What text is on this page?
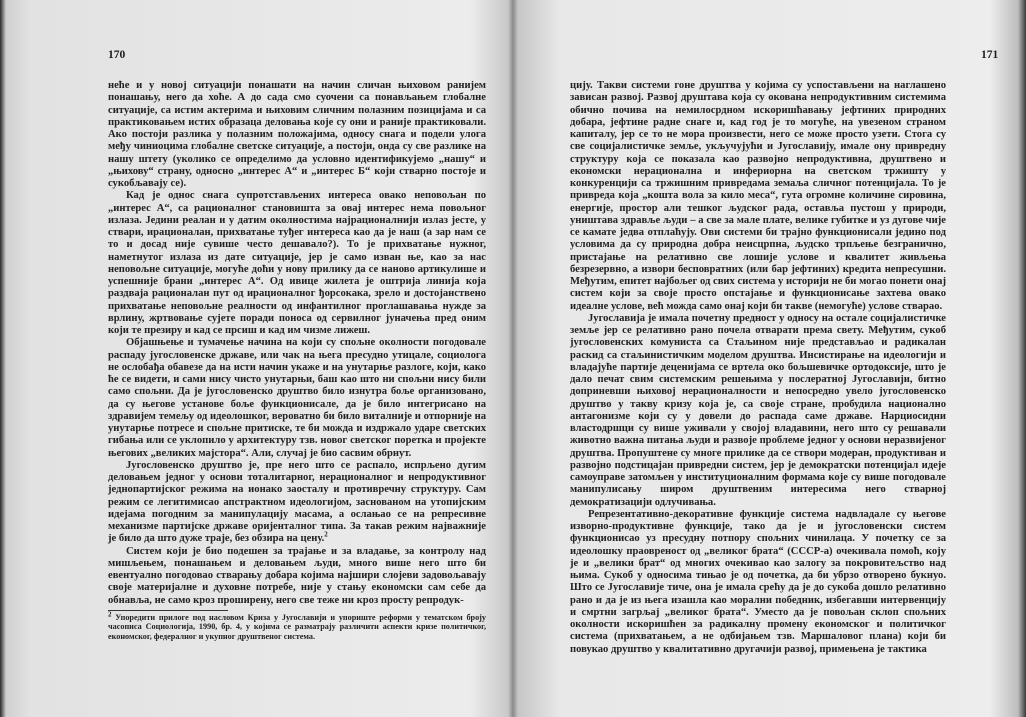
170

неће и у новој ситуацији понашати на начин сличан њиховом ранијем понашању, него да хоће. А до сада смо суочени са понављањем глобалне ситуације, са истим актерима и њиховим сличним полазним позицијама и са практиковањем истих образаца деловања које су они и раније практиковали. Ако постоји разлика у полазним положајима, односу снага и подели улога међу чиниоцима глобалне светске ситуације, а постоји, онда су све разлике на нашу штету (уколико се определимо да условно идентификујемо „нашу“ и „њихову“ страну, односно „интерес А“ и „интерес Б“ који стварно постоје и сукобљавају се).

Кад је однос снага супротстављених интереса овако неповољан по „интерес А“, са рационалног становишта за овај интерес нема повољног излаза. Једини реалан и у датим околностима најрационалнији излаз јесте, у ствари, ирационалан, прихватање туђег интереса као да је наш (а зар нам се то и досад није сувише често дешавало?). То је прихватање нужног, наметнутог излаза из дате ситуације, јер је само изван ње, као за нас неповољне ситуације, могуће доћи у нову прилику да се наново артикулише и успешније брани „интерес А“. Од ивице жилета је оштрија линија која раздваја рационалан пут од ирационалног ђорсокака, зрело и достојанствено прихватање неповољне реалности од инфантилног проглашавања нужде за врлину, жртвовање сујете поради поноса од сервилног јуначења пред оним који те презиру и кад се прсиш и кад им чизме лижеш.

Објашњење и тумачење начина на који су спољне околности погодовале распаду југословенске државе, или чак на њега пресудно утицале, социолога не ослобађа обавезе да на исти начин укаже и на унутарње разлоге, који, како ће се видети, и сами нису чисто унутарњи, баш као што ни спољни нису били само спољни. Да је југословенско друштво било изнутра боље организовано, да су његове установе боље функционисале, да је било интегрисано на здравијем темељу од идеолошког, вероватно би било виталније и отпорније на унутарње потресе и спољне притиске, те би можда и издржало ударе светских гибања или се уклопило у архитектуру тзв. новог светског поретка и пројекте његових „великих мајстора“. Али, случај је био сасвим обрнут.

Југословенско друштво је, пре него што се распало, испрљено дугим деловањем једног у основи тоталитарног, нерационалног и непродуктивног једнопартијског режима на ионако заосталу и противречну структуру. Сам режим се легитимисао апстрактном идеологијом, заснованом на утопијским идејама погодним за манипулацију масама, а ослањао се на репресивне механизме партијске државе оријенталног типа. За такав режим најважније је било да што дуже траје, без обзира на цену.$^2$

Систем који је био подешен за трајање и за владање, за контролу над мишљењем, понашањем и деловањем људи, много више него што би евентуално погодовао стварању добара којима најшири слојеви задовољавају своје материјалне и духовне потребе, није у стању економски сам себе да обнавља, не само кроз проширену, него све теже ни кроз просту репродук-

$^2$ Упоредити прилоге под насловом Криза у Југославији и упориште реформи у тематском броју часописа Социологија, 1990, бр. 4, у којима се разматрају различити аспекти кризе политичког, економског, федералног и укупног друштвеног система.
171

цију. Такви системи гоне друштва у којима су успостављени на наглашено зависан развој. Развој друштава која су окована непродуктивним системима обично почива на немилосрдном искоришћавању јефтиних природних добара, јефтине радне снаге и, кад год је то могуће, на увезеном страном капиталу, јер се то не мора произвести, него се може просто узети. Стога су све социјалистичке земље, укључујући и Југославију, имале ону привредну структуру која се показала као развојно непродуктивна, друштвено и економски нерационална и инфериорна на светском тржишту у конкуренцији са тржишним привредама земаља сличног потенцијала. То је привреда која „кошта вола за кило меса“, гута огромне количине сировина, енергије, простор али тешког људског рада, оставља пустош у природи, уништава здравље људи – а све за мале плате, велике губитке и уз дугове чије се камате једва отплаћују. Ови системи би трајно функционисали једино под условима да су природна добра неисцрпна, људско трпљење безгранично, пристајање на релативно све лошије услове и квалитет живљења безрезервно, а извори бесповратних (или бар јефтиних) кредита непресушни. Међутим, епитет најбољег од свих система у историји не би могао понети онај систем који за своје просто опстајање и функционисање захтева овако идеалне услове, већ можда само онај који би такве (немогуће) услове стварао.

Југославија је имала почетну предност у односу на остале социјалистичке земље јер се релативно рано почела отварати према свету. Међутим, сукоб југословенских комуниста са Стаљином није представљао и радикалан раскид са стаљинистичким моделом друштва. Инсистирање на идеологији и владајуће партије деценијама се вртела око бољшевичке ортодоксије, што је дало печат свим системским решењима у послератној Југославији, битно доприневши њиховој нерационалности и непосредно увело југословенско друштво у такву кризу која је, са своје стране, пробудила национално антагонизме који су у довели до распада саме државе. Нарциосидни властодршци су више уживали у својој владавини, него што су решавали животно важна питања људи и развоје проблеме једног у основи неразвијеног друштва. Пропуштене су многе прилике да се створи модеран, продуктиван и развојно подстицајан привредни систем, јер је демократски потенцијал идеје самоуправе затомљен у институционалним формама које су више погодовале манипулисању широм друштвеним интересима него стварној демократизацији одлучивања.

Репрезентативно-декоративне функције система надвладале су његове изворно-продуктивне функције, тако да је и југословенски систем функционисао уз пресудну потпору спољних чинилаца. У почетку се за идеолошку праовреност од „великог брата“ (СССР-а) очекивала помоћ, коју је и „велики брат“ од многих очекивао као залогу за покровитељство над њима. Сукоб у односима тињао је од почетка, да би убрзо отворено букнуо. Што се Југославије тиче, она је имала срећу да је до сукоба дошло релативно рано и да је из њега изашла као морални победник, избегавши интервенцију и смртни загрљај „великог брата“. Уместо да је повољан склоп спољних околности искоришћен за радикалну промену економског и политичког система (прихватањем, а не одбијањем тзв. Маршаловог плана) који би повукао друштво у квалитативно другачији развој, примењена је тактика
